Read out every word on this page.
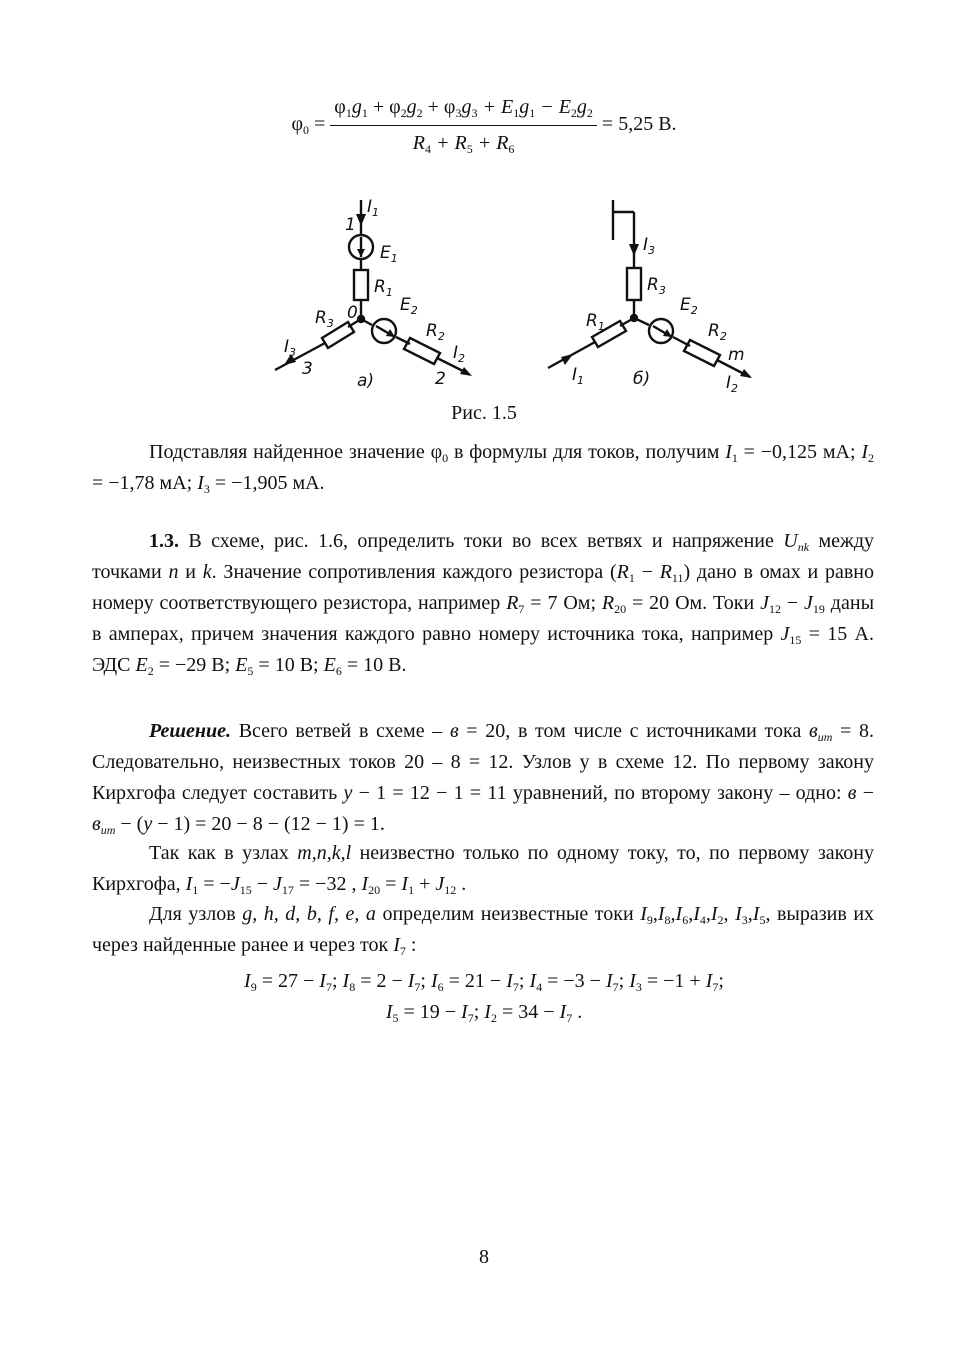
$\varphi_0 = \frac{\varphi_1g_1 + \varphi_2g_2 + \varphi_3g_3 + E_1g_1 - E_2g_2}{R_4 + R_5 + R_6} = 5,25$ В.
1
$I_1$
$E_1$
$R_1$
0 $E_2$
$R_2$
$R_3$
$I_3$
3	2
$I_2$
а)
$I_3$
$R_3$
$E_2$
$R_1$	$R_2$
m
$I_1$	$I_2$
б)
Рис. 1.5
Подставляя найденное значение $\varphi_0$ в формулы для токов, получим $I_1 = -0,125$ мА; $I_2 = -1,78$ мА; $I_3 = -1,905$ мА.
1.3. В схеме, рис. 1.6, определить токи во всех ветвях и напряжение $U_{nk}$ между точками n и k. Значение сопротивления каждого резистора $(R_1 - R_{11})$ дано в омах и равно номеру соответствующего резистора, например $R_7 = 7$ Ом; $R_{20} = 20$ Ом. Токи $J_{12} - J_{19}$ даны в амперах, причем значения каждого равно номеру источника тока, например $J_{15} = 15$ А. ЭДС $E_2 = -29$ В; $E_5 = 10$ В; $E_6 = 10$ В.
Решение. Всего ветвей в схеме – в = 20, в том числе с источниками тока $в_{ит} = 8$. Следовательно, неизвестных токов 20 – 8 = 12. Узлов у в схеме 12. По первому закону Кирхгофа следует составить y − 1 = 12 − 1 = 11 уравнений, по второму закону – одно: $в - в_{ит} - (y - 1) = 20 - 8 - (12 - 1) = 1$.
Так как в узлах m,n,k,l неизвестно только по одному току, то, по первому закону Кирхгофа, $I_1 = -J_{15} - J_{17} = -32$ , $I_{20} = I_1 + J_{12}$ .
Для узлов g, h, d, b, f, e, a определим неизвестные токи $I_9,I_8,I_6,I_4,I_2$, $I_3,I_5$, выразив их через найденные ранее и через ток $I_7$ :
$I_9 = 27 - I_7$; $I_8 = 2 - I_7$; $I_6 = 21 - I_7$; $I_4 = -3 - I_7$; $I_3 = -1 + I_7$;
$I_5 = 19 - I_7$; $I_2 = 34 - I_7$ .
8
